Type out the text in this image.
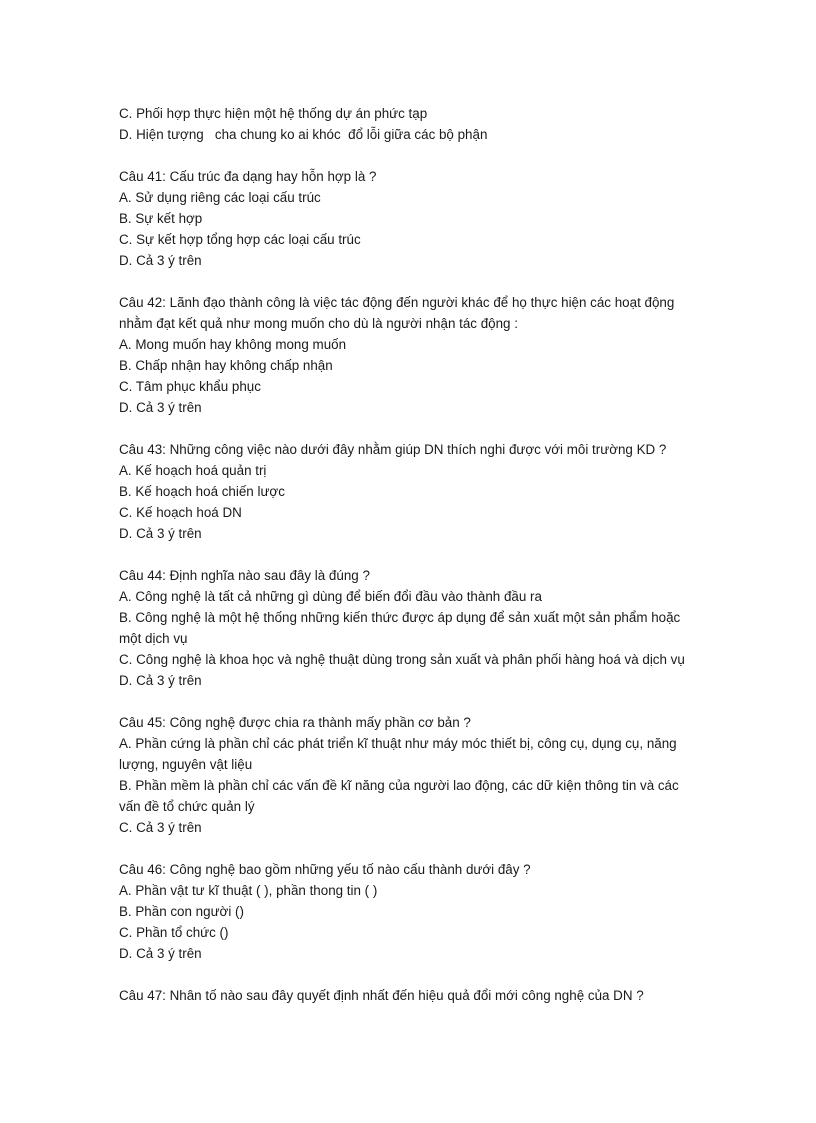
C. Phối hợp thực hiện một hệ thống dự án phức tạp

D. Hiện tượng   cha chung ko ai khóc  đổ lỗi giữa các bộ phận

Câu 41: Cấu trúc đa dạng hay hỗn hợp là ?

A. Sử dụng riêng các loại cấu trúc

B. Sự kết hợp

C. Sự kết hợp tổng hợp các loại cấu trúc

D. Cả 3 ý trên

Câu 42: Lãnh đạo thành công là việc tác động đến người khác để họ thực hiện các hoạt động

nhằm đạt kết quả như mong muốn cho dù là người nhận tác động :

A. Mong muốn hay không mong muốn

B. Chấp nhận hay không chấp nhận

C. Tâm phục khẩu phục

D. Cả 3 ý trên

Câu 43: Những công việc nào dưới đây nhằm giúp DN thích nghi được với môi trường KD ?

A. Kế hoạch hoá quản trị

B. Kế hoạch hoá chiến lược

C. Kế hoạch hoá DN

D. Cả 3 ý trên

Câu 44: Định nghĩa nào sau đây là đúng ?

A. Công nghệ là tất cả những gì dùng để biến đổi đầu vào thành đầu ra

B. Công nghệ là một hệ thống những kiến thức được áp dụng để sản xuất một sản phẩm hoặc

một dịch vụ

C. Công nghệ là khoa học và nghệ thuật dùng trong sản xuất và phân phối hàng hoá và dịch vụ

D. Cả 3 ý trên

Câu 45: Công nghệ được chia ra thành mấy phần cơ bản ?

A. Phần cứng là phần chỉ các phát triển kĩ thuật như máy móc thiết bị, công cụ, dụng cụ, năng

lượng, nguyên vật liệu

B. Phần mềm là phần chỉ các vấn đề kĩ năng của người lao động, các dữ kiện thông tin và các

vấn đề tổ chức quản lý

C. Cả 3 ý trên

Câu 46: Công nghệ bao gồm những yếu tố nào cấu thành dưới đây ?

A. Phần vật tư kĩ thuật ( ), phần thong tin ( )

B. Phần con người ()

C. Phần tổ chức ()

D. Cả 3 ý trên

Câu 47: Nhân tố nào sau đây quyết định nhất đến hiệu quả đổi mới công nghệ của DN ?
